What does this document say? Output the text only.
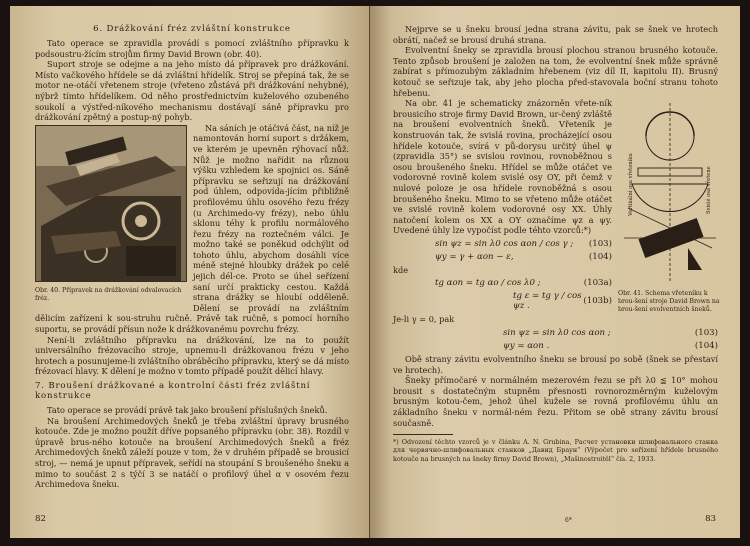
6. Drážkování fréz zvláštní konstrukce

Tato operace se zpravidla provádí s pomocí zvláštního přípravku k podsoustru-žícím strojům firmy David Brown (obr. 40).

Suport stroje se odejme a na jeho místo dá přípravek pro drážkování. Místo vačkového hřídele se dá zvláštní hřídelík. Stroj se přepíná tak, že se motor ne-otáčí vřetenem stroje (vřeteno zůstává při drážkování nehybné), nýbrž tímto hřídelíkem. Od něho prostřednictvím kuželového ozubeného soukolí a výstřed-níkového mechanismu dostávají sáně přípravku pro drážkování zpětný a postup-ný pohyb.

Obr. 40. Přípravek na drážkování odvalovacích fréz.

Na sáních je otáčivá část, na níž je namontován horní suport s držákem, ve kterém je upevněn rýhovací nůž. Nůž je možno nařídit na různou výšku vzhledem ke spojnici os. Sáně přípravku se seřizují na drážkování pod úhlem, odpovída-jícím přibližně profilovému úhlu osového řezu frézy (u Archimedo-vy frézy), nebo úhlu sklonu téhy k profilu normálového řezu frézy na roztečném válci. Je možno také se poněkud odchýlit od tohoto úhlu, abychom dosáhli více méně stejné hloubky drážek po celé jejich dél-ce. Proto se úhel seřízení saní určí prakticky cestou. Každá strana drážky se hloubí odděleně. Dělení se provádí na zvláštním dělicím zařízení k sou-struhu ručně. Právě tak ručně, s pomocí horního suportu, se provádí přísun nože k drážkovanému povrchu frézy.

Není-li zvláštního přípravku na drážkování, lze na to použít universálního frézovacího stroje, upnemu-li drážkovanou frézu v jeho hrotech a posunujeme-li zvláštního obráběcího přípravku, který se dá místo frézovací hlavy. K dělení je možno v tomto případě použít dělicí hlavy.

7. Broušení drážkované a kontrolní části fréz zvláštní konstrukce

Tato operace se provádí právě tak jako broušení příslušných šneků.

Na broušení Archimedových šneků je třeba zvláštní úpravy brusného kotouče. Zde je možno použít dříve popsaného přípravku (obr. 38). Rozdíl v úpravě brus-ného kotouče na broušení Archimedových šneků a fréz Archimedových šneků záleží pouze v tom, že v druhém případě se brousicí stroj, — nemá je upnut přípravek, seřídí na stoupání S broušeného šneku a mimo to součást 2 s týčí 3 se natáčí o profilový úhel α v osovém řezu Archimedova šneku.

82

Nejprve se u šneku brousí jedna strana závitu, pak se šnek ve hrotech obrátí, načež se brousí druhá strana.

Evolventní šneky se zpravidla brousí plochou stranou brusného kotouče. Tento způsob broušení je založen na tom, že evolventní šnek může správně zabírat s přímozubým základním hřebenem (viz díl II, kapitolu II). Brusný kotouč se seřizuje tak, aby jeho plocha před-stavovala boční stranu tohoto hřebenu.

Vertikální osa vřeteníku	Svislé osa vřetene
Obr. 41. Schema vřeteníku k brou-šení stroje David Brown na brou-šení evolventních šneků.

Na obr. 41 je schematicky znázorněn vřete-ník brousicího stroje firmy David Brown, ur-čený zvláště na broušení evolventních šneků. Vřeteník je konstruován tak, že svislá rovina, procházející osou hřídele kotouče, svírá v pů-dorysu určitý úhel ψ (zpravidla 35°) se svislou rovinou, rovnoběžnou s osou broušeného šneku. Hřídel se může otáčet ve vodorovné rovině kolem svislé osy OY, při čemž v nulové poloze je osa hřídele rovnoběžná s osou broušeného šneku. Mimo to se vřeteno může otáčet ve svislé rovině kolem vodorovné osy XX. Úhly natočení kolem os XX a OY označíme ψz a ψy. Uvedené úhly lze vypočíst podle téhto vzorců:*)

sin ψz = sin λ0 cos αon / cos γ ; (103)
ψy = γ + αon − ε,	(104)

kde

tg αon = tg αo / cos λ0 ;	(103a)
tg ε = tg γ / cos ψz .	(103b)

Je-li γ = 0, pak

sin ψz = sin λ0 cos αon ;	(103)
ψy = αon .	(104)

Obě strany závitu evolventního šneku se brousí po sobě (šnek se přestaví ve hrotech).

Šneky přímočaré v normálném mezerovém řezu se při λ0 ≦ 10° mohou brousit s dostatečným stupněm přesnosti rovnorozměrným kuželovým brusným kotou-čem, jehož úhel kužele se rovná profilovému úhlu αn základního šneku v normál-ném řezu. Přitom se obě strany závitu brousí současně.

*) Odvození těchto vzorců je v článku A. N. Grubina, Расчет установки шлифовального станка для червячно-шлифовальных станков „Давид Браун“ (Výpočet pro seřízení hřídele brusného kotouče na brusných na šneky firmy David Brown), „Mašinostroitěl“ čís. 2, 1933.
6*	83
